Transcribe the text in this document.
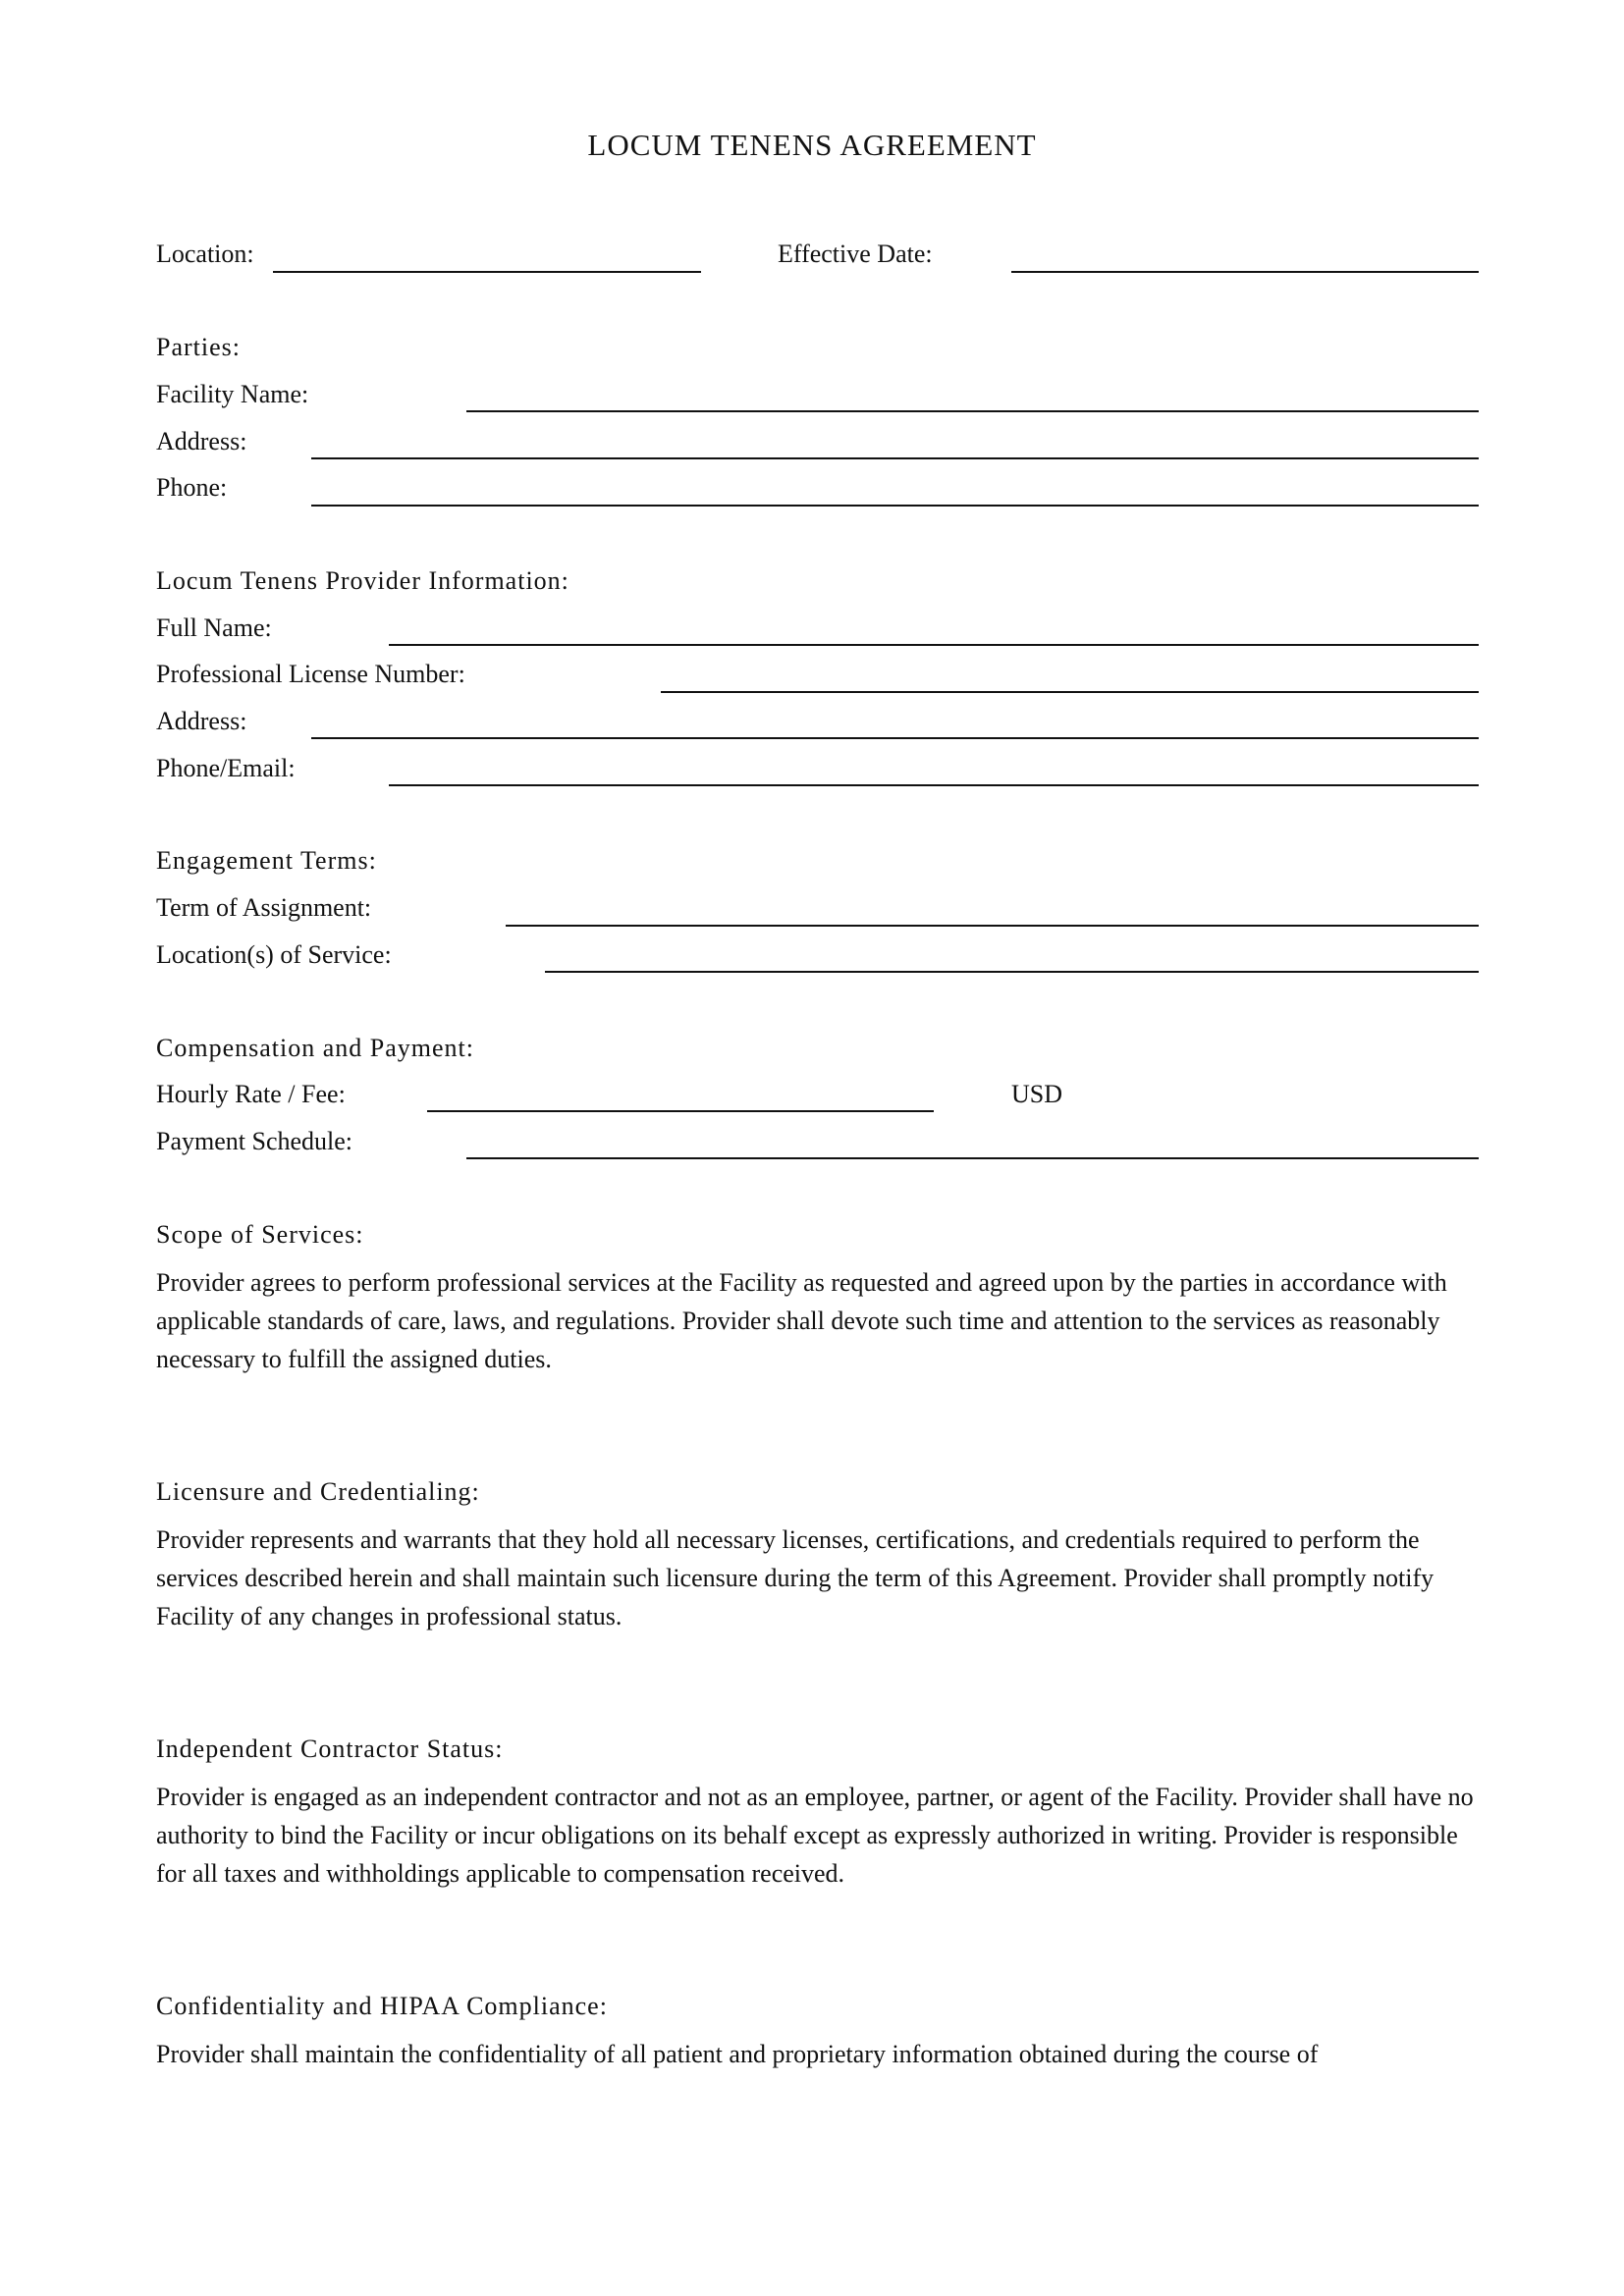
LOCUM TENENS AGREEMENT
Location:	Effective Date:
Parties:
Facility Name:
Address:
Phone:
Locum Tenens Provider Information:
Full Name:
Professional License Number:
Address:
Phone/Email:
Engagement Terms:
Term of Assignment:
Location(s) of Service:
Compensation and Payment:
Hourly Rate / Fee:	USD
Payment Schedule:
Scope of Services:
Provider agrees to perform professional services at the Facility as requested and agreed upon by the parties in accordance with applicable standards of care, laws, and regulations. Provider shall devote such time and attention to the services as reasonably necessary to fulfill the assigned duties.
Licensure and Credentialing:
Provider represents and warrants that they hold all necessary licenses, certifications, and credentials required to perform the services described herein and shall maintain such licensure during the term of this Agreement. Provider shall promptly notify Facility of any changes in professional status.
Independent Contractor Status:
Provider is engaged as an independent contractor and not as an employee, partner, or agent of the Facility. Provider shall have no authority to bind the Facility or incur obligations on its behalf except as expressly authorized in writing. Provider is responsible for all taxes and withholdings applicable to compensation received.
Confidentiality and HIPAA Compliance:
Provider shall maintain the confidentiality of all patient and proprietary information obtained during the course of
